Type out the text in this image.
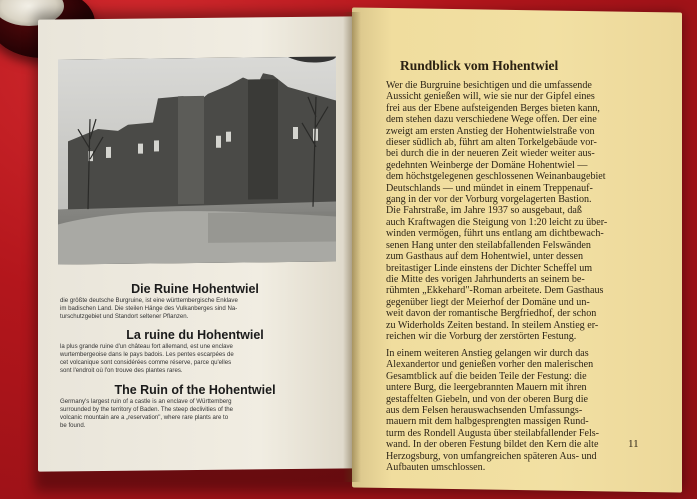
Die Ruine Hohentwiel
die größte deutsche Burgruine, ist eine württembergische Enklave
im badischen Land. Die steilen Hänge des Vulkanberges sind Na-
turschutzgebiet und Standort seltener Pflanzen.
La ruine du Hohentwiel
la plus grande ruine d'un château fort allemand, est une enclave
wurtembergeoise dans le pays badois. Les pentes escarpées de
cet volcanique sont considérées comme réserve, parce qu'elles
sont l'endroit où l'on trouve des plantes rares.
The Ruin of the Hohentwiel
Germany's largest ruin of a castle is an enclave of Württemberg
surrounded by the territory of Baden. The steep declivities of the
volcanic mountain are a „reservation", where rare plants are to
be found.
Rundblick vom Hohentwiel
Wer die Burgruine besichtigen und die umfassende
Aussicht genießen will, wie sie nur der Gipfel eines
frei aus der Ebene aufsteigenden Berges bieten kann,
dem stehen dazu verschiedene Wege offen. Der eine
zweigt am ersten Anstieg der Hohentwielstraße von
dieser südlich ab, führt am alten Torkelgebäude vor-
bei durch die in der neueren Zeit wieder weiter aus-
gedehnten Weinberge der Domäne Hohentwiel —
dem höchstgelegenen geschlossenen Weinanbaugebiet
Deutschlands — und mündet in einem Treppenauf-
gang in der vor der Vorburg vorgelagerten Bastion.
Die Fahrstraße, im Jahre 1937 so ausgebaut, daß
auch Kraftwagen die Steigung von 1:20 leicht zu über-
winden vermögen, führt uns entlang am dichtbewach-
senen Hang unter den steilabfallenden Felswänden
zum Gasthaus auf dem Hohentwiel, unter dessen
breitastiger Linde einstens der Dichter Scheffel um
die Mitte des vorigen Jahrhunderts an seinem be-
rühmten „Ekkehard"-Roman arbeitete. Dem Gasthaus
gegenüber liegt der Meierhof der Domäne und un-
weit davon der romantische Bergfriedhof, der schon
zu Widerholds Zeiten bestand. In steilem Anstieg er-
reichen wir die Vorburg der zerstörten Festung.
In einem weiteren Anstieg gelangen wir durch das
Alexandertor und genießen vorher den malerischen
Gesamtblick auf die beiden Teile der Festung: die
untere Burg, die leergebrannten Mauern mit ihren
gestaffelten Giebeln, und von der oberen Burg die
aus dem Felsen herauswachsenden Umfassungs-
mauern mit dem halbgesprengten massigen Rund-
turm des Rondell Augusta über steilabfallender Fels-
wand. In der oberen Festung bildet den Kern die alte
Herzogsburg, von umfangreichen späteren Aus- und
Aufbauten umschlossen.
11
